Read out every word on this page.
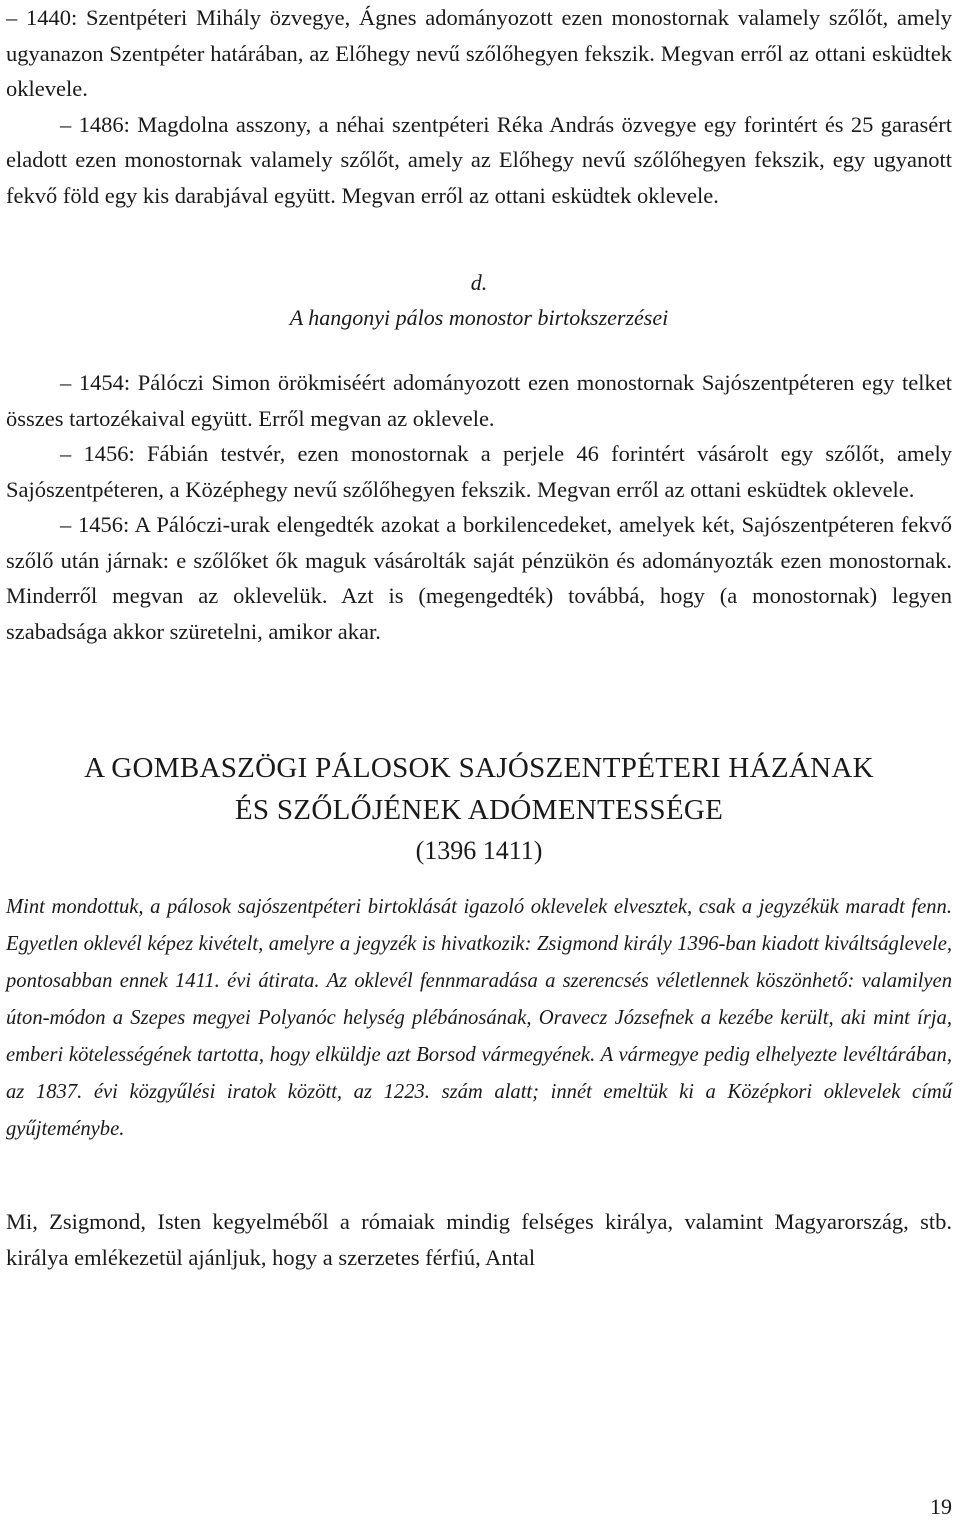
– 1440: Szentpéteri Mihály özvegye, Ágnes adományozott ezen monostornak valamely szőlőt, amely ugyanazon Szentpéter határában, az Előhegy nevű szőlőhegyen fekszik. Megvan erről az ottani esküdtek oklevele.

– 1486: Magdolna asszony, a néhai szentpéteri Réka András özvegye egy forintért és 25 garasért eladott ezen monostornak valamely szőlőt, amely az Előhegy nevű szőlőhegyen fekszik, egy ugyanott fekvő föld egy kis darabjával együtt. Megvan erről az ottani esküdtek oklevele.

d.

A hangonyi pálos monostor birtokszerzései

– 1454: Pálóczi Simon örökmiséért adományozott ezen monostornak Sajószentpéteren egy telket összes tartozékaival együtt. Erről megvan az oklevele.

– 1456: Fábián testvér, ezen monostornak a perjele 46 forintért vásárolt egy szőlőt, amely Sajószentpéteren, a Középhegy nevű szőlőhegyen fekszik. Megvan erről az ottani esküdtek oklevele.

– 1456: A Pálóczi-urak elengedték azokat a borkilencedeket, amelyek két, Sajószentpéteren fekvő szőlő után járnak: e szőlőket ők maguk vásárolták saját pénzükön és adományozták ezen monostornak. Minderről megvan az oklevelük. Azt is (megengedték) továbbá, hogy (a monostornak) legyen szabadsága akkor szüretelni, amikor akar.

A GOMBASZÖGI PÁLOSOK SAJÓSZENTPÉTERI HÁZÁNAK

ÉS SZŐLŐJÉNEK ADÓMENTESSÉGE

(1396 1411)

Mint mondottuk, a pálosok sajószentpéteri birtoklását igazoló oklevelek elvesztek, csak a jegyzékük maradt fenn. Egyetlen oklevél képez kivételt, amelyre a jegyzék is hivatkozik: Zsigmond király 1396-ban kiadott kiváltságlevele, pontosabban ennek 1411. évi átirata. Az oklevél fennmaradása a szerencsés véletlennek köszönhető: valamilyen úton-módon a Szepes megyei Polyanóc helység plébánosának, Oravecz Józsefnek a kezébe került, aki mint írja, emberi kötelességének tartotta, hogy elküldje azt Borsod vármegyének. A vármegye pedig elhelyezte levéltárában, az 1837. évi közgyűlési iratok között, az 1223. szám alatt; innét emeltük ki a Középkori oklevelek című gyűjteménybe.

Mi, Zsigmond, Isten kegyelméből a rómaiak mindig felséges királya, valamint Magyarország, stb. királya emlékezetül ajánljuk, hogy a szerzetes férfiú, Antal

19
